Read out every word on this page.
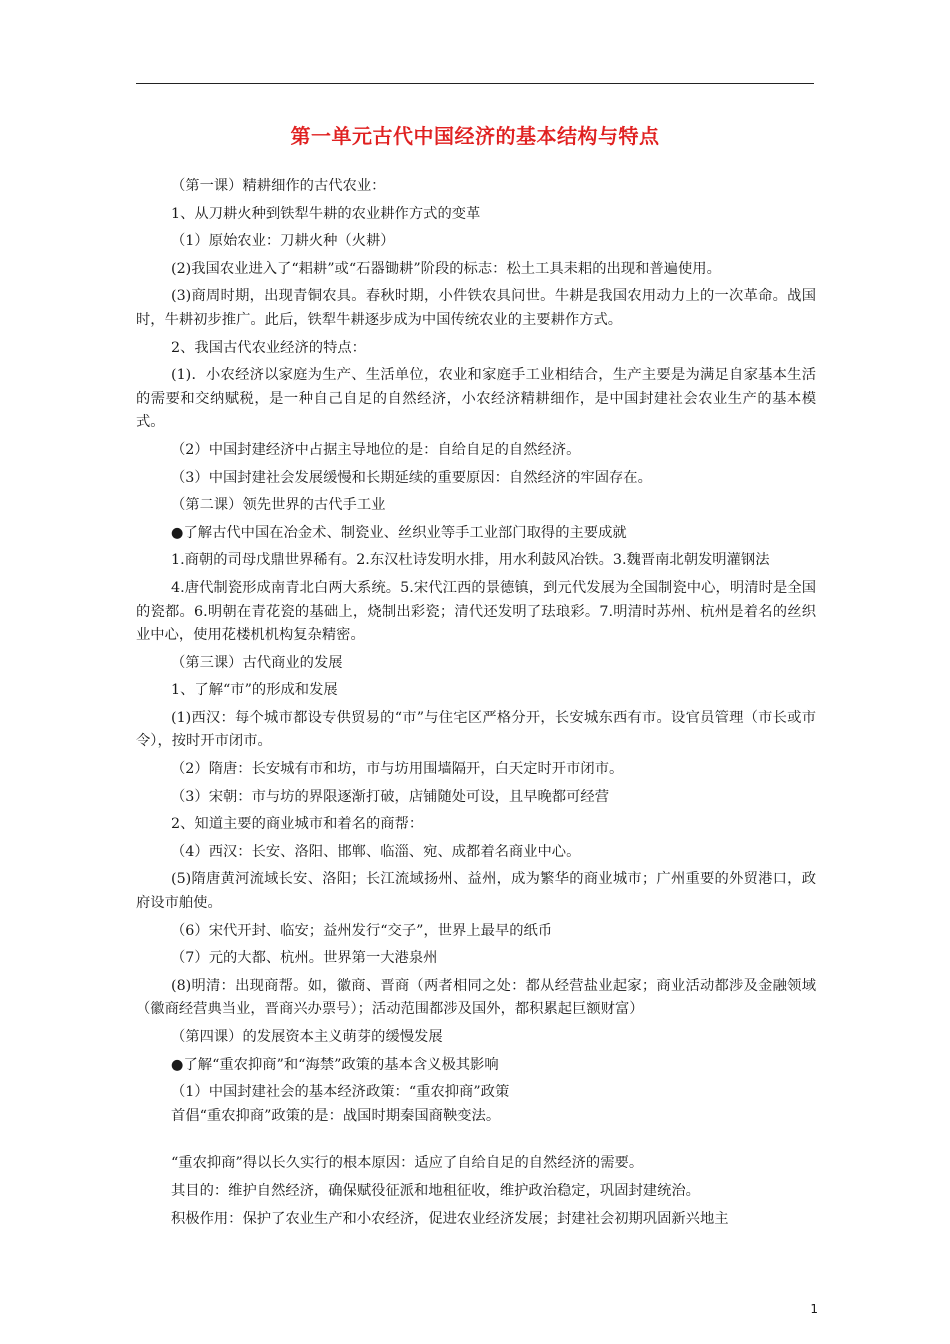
第一单元古代中国经济的基本结构与特点

（第一课）精耕细作的古代农业：

1、从刀耕火种到铁犁牛耕的农业耕作方式的变革

（1）原始农业：刀耕火种（火耕）

(2)我国农业进入了“耜耕”或“石器锄耕”阶段的标志：松土工具耒耜的出现和普遍使用。

(3)商周时期，出现青铜农具。春秋时期，小件铁农具问世。牛耕是我国农用动力上的一次革命。战国时，牛耕初步推广。此后，铁犁牛耕逐步成为中国传统农业的主要耕作方式。

2、我国古代农业经济的特点：

(1)．小农经济以家庭为生产、生活单位，农业和家庭手工业相结合，生产主要是为满足自家基本生活的需要和交纳赋税，是一种自己自足的自然经济，小农经济精耕细作，是中国封建社会农业生产的基本模式。

（2）中国封建经济中占据主导地位的是：自给自足的自然经济。

（3）中国封建社会发展缓慢和长期延续的重要原因：自然经济的牢固存在。

（第二课）领先世界的古代手工业

●了解古代中国在冶金术、制瓷业、丝织业等手工业部门取得的主要成就

1.商朝的司母戊鼎世界稀有。2.东汉杜诗发明水排，用水利鼓风冶铁。3.魏晋南北朝发明灌钢法

4.唐代制瓷形成南青北白两大系统。5.宋代江西的景德镇，到元代发展为全国制瓷中心，明清时是全国的瓷都。6.明朝在青花瓷的基础上，烧制出彩瓷；清代还发明了珐琅彩。7.明清时苏州、杭州是着名的丝织业中心，使用花楼机机构复杂精密。

（第三课）古代商业的发展

1、了解“市”的形成和发展

(1)西汉：每个城市都设专供贸易的“市”与住宅区严格分开，长安城东西有市。设官员管理（市长或市令），按时开市闭市。

（2）隋唐：长安城有市和坊，市与坊用围墙隔开，白天定时开市闭市。

（3）宋朝：市与坊的界限逐渐打破，店铺随处可设，且早晚都可经营

2、知道主要的商业城市和着名的商帮：

（4）西汉：长安、洛阳、邯郸、临淄、宛、成都着名商业中心。

(5)隋唐黄河流域长安、洛阳；长江流域扬州、益州，成为繁华的商业城市；广州重要的外贸港口，政府设市舶使。

（6）宋代开封、临安；益州发行“交子”，世界上最早的纸币

（7）元的大都、杭州。世界第一大港泉州

(8)明清：出现商帮。如，徽商、晋商（两者相同之处：都从经营盐业起家；商业活动都涉及金融领域（徽商经营典当业，晋商兴办票号）；活动范围都涉及国外，都积累起巨额财富）

（第四课）的发展资本主义萌芽的缓慢发展

●了解“重农抑商”和“海禁”政策的基本含义极其影响

（1）中国封建社会的基本经济政策：“重农抑商”政策

首倡“重农抑商”政策的是：战国时期秦国商鞅变法。

“重农抑商”得以长久实行的根本原因：适应了自给自足的自然经济的需要。

其目的：维护自然经济，确保赋役征派和地租征收，维护政治稳定，巩固封建统治。

积极作用：保护了农业生产和小农经济，促进农业经济发展；封建社会初期巩固新兴地主

1
